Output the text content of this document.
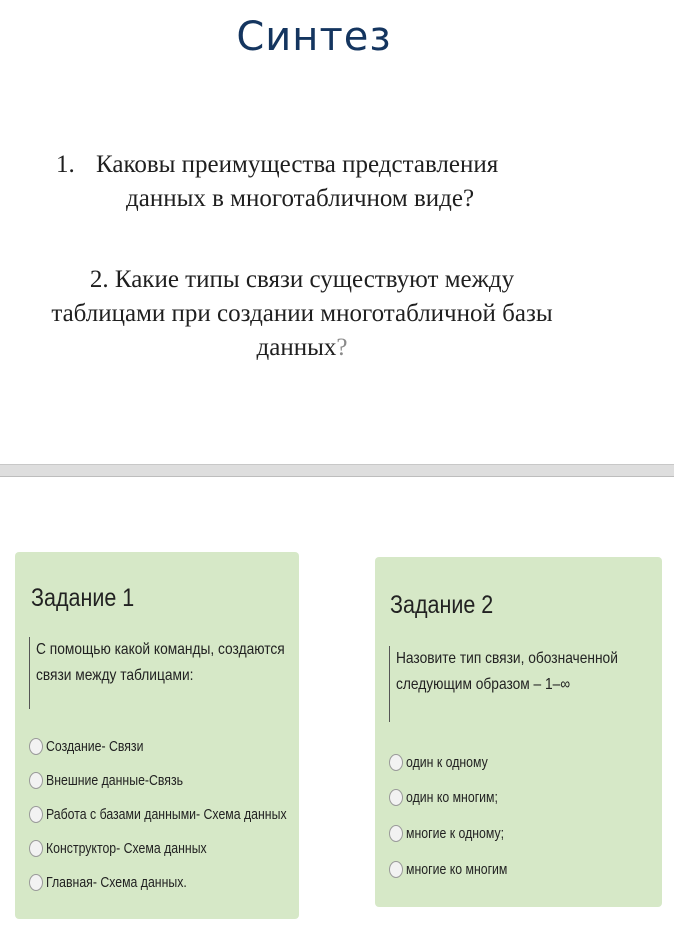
Синтез
1. Каковы преимущества представления
данных в многотабличном виде?
2. Какие типы связи существуют между
таблицами при создании многотабличной базы
данных?
Задание 1
С помощью какой команды, создаются
связи между таблицами:
Создание- Связи
Внешние данные-Связь
Работа с базами данными- Схема данных
Конструктор- Схема данных
Главная- Схема данных.
Задание 2
Назовите тип связи, обозначенной
следующим образом – 1–∞
один к одному
один ко многим;
многие к одному;
многие ко многим
